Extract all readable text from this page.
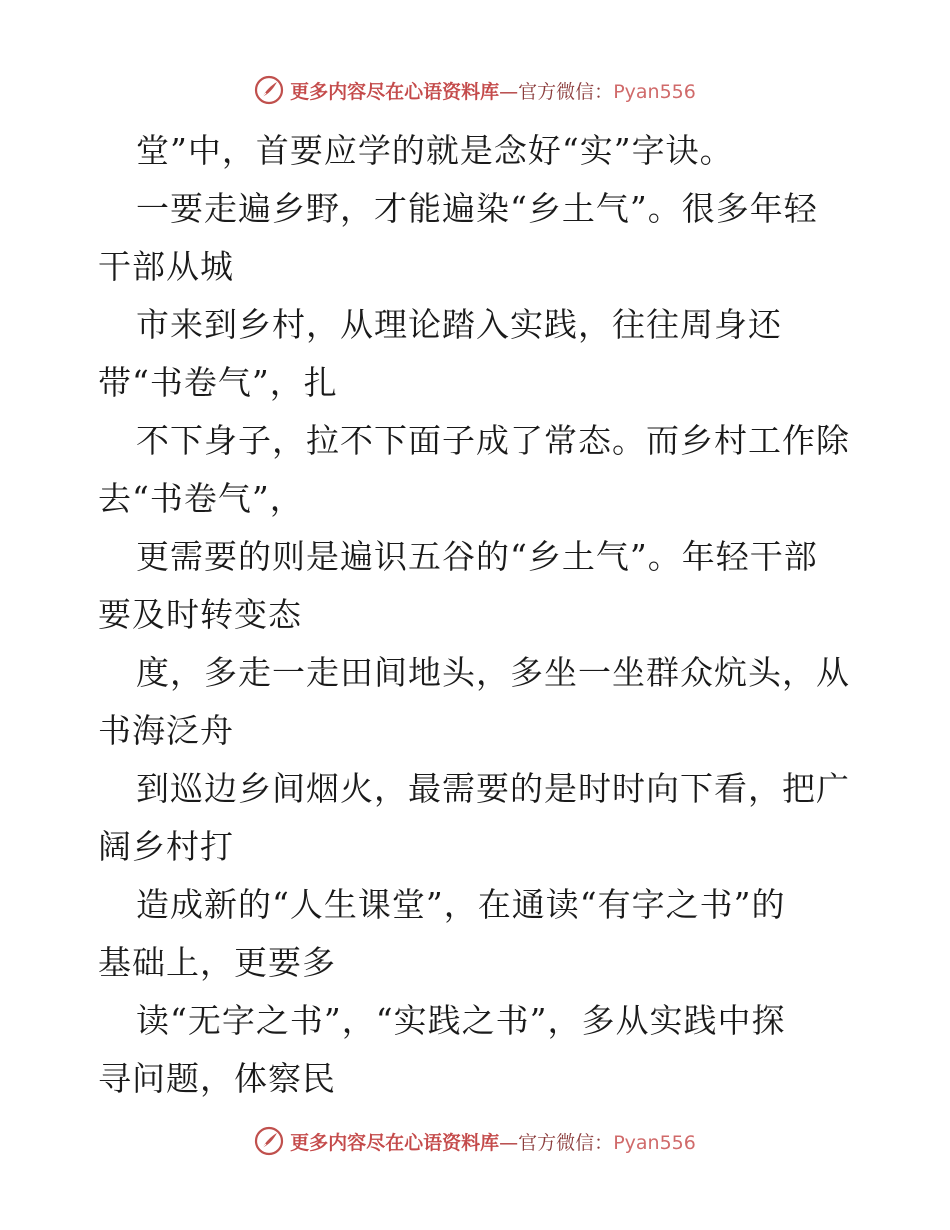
更多内容尽在心语资料库—官方微信：Pyan556
堂”中，首要应学的就是念好“实”字诀。
一要走遍乡野，才能遍染“乡土气”。很多年轻
干部从城
市来到乡村，从理论踏入实践，往往周身还
带“书卷气”，扎
不下身子，拉不下面子成了常态。而乡村工作除
去“书卷气”，
更需要的则是遍识五谷的“乡土气”。年轻干部
要及时转变态
度，多走一走田间地头，多坐一坐群众炕头，从
书海泛舟
到巡边乡间烟火，最需要的是时时向下看，把广
阔乡村打
造成新的“人生课堂”，在通读“有字之书”的
基础上，更要多
读“无字之书”，“实践之书”，多从实践中探
寻问题，体察民
更多内容尽在心语资料库—官方微信：Pyan556
